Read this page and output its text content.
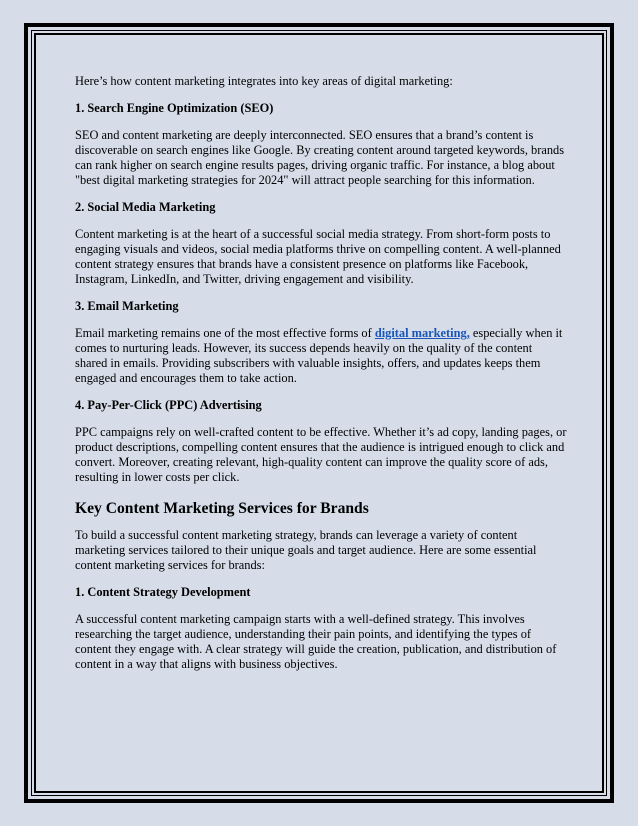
Here’s how content marketing integrates into key areas of digital marketing:

1. Search Engine Optimization (SEO)

SEO and content marketing are deeply interconnected. SEO ensures that a brand’s content is discoverable on search engines like Google. By creating content around targeted keywords, brands can rank higher on search engine results pages, driving organic traffic. For instance, a blog about "best digital marketing strategies for 2024" will attract people searching for this information.

2. Social Media Marketing

Content marketing is at the heart of a successful social media strategy. From short-form posts to engaging visuals and videos, social media platforms thrive on compelling content. A well-planned content strategy ensures that brands have a consistent presence on platforms like Facebook, Instagram, LinkedIn, and Twitter, driving engagement and visibility.

3. Email Marketing

Email marketing remains one of the most effective forms of digital marketing, especially when it comes to nurturing leads. However, its success depends heavily on the quality of the content shared in emails. Providing subscribers with valuable insights, offers, and updates keeps them engaged and encourages them to take action.

4. Pay-Per-Click (PPC) Advertising

PPC campaigns rely on well-crafted content to be effective. Whether it’s ad copy, landing pages, or product descriptions, compelling content ensures that the audience is intrigued enough to click and convert. Moreover, creating relevant, high-quality content can improve the quality score of ads, resulting in lower costs per click.

Key Content Marketing Services for Brands

To build a successful content marketing strategy, brands can leverage a variety of content marketing services tailored to their unique goals and target audience. Here are some essential content marketing services for brands:

1. Content Strategy Development

A successful content marketing campaign starts with a well-defined strategy. This involves researching the target audience, understanding their pain points, and identifying the types of content they engage with. A clear strategy will guide the creation, publication, and distribution of content in a way that aligns with business objectives.
